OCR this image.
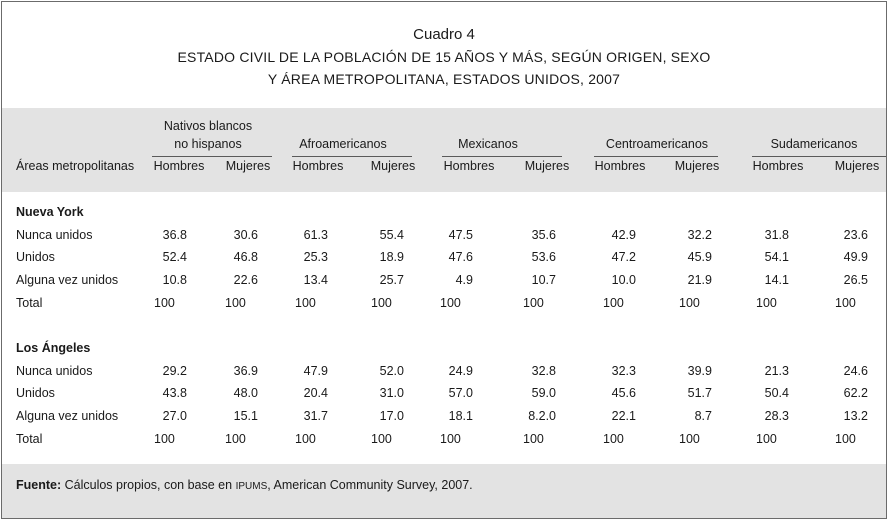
Cuadro 4
ESTADO CIVIL DE LA POBLACIÓN DE 15 AÑOS Y MÁS, SEGÚN ORIGEN, SEXO
Y ÁREA METROPOLITANA, ESTADOS UNIDOS, 2007
Nativos blancos
no hispanos	Afroamericanos	Mexicanos	Centroamericanos	Sudamericanos
Áreas metropolitanas	Hombres	Mujeres	Hombres	Mujeres	Hombres	Mujeres	Hombres	Mujeres	Hombres	Mujeres
Nueva York
Nunca unidos	36.8	30.6	61.3	55.4	47.5	35.6	42.9	32.2	31.8	23.6
Unidos	52.4	46.8	25.3	18.9	47.6	53.6	47.2	45.9	54.1	49.9
Alguna vez unidos	10.8	22.6	13.4	25.7	4.9	10.7	10.0	21.9	14.1	26.5
Total	100	100	100	100	100	100	100	100	100	100
Los Ángeles
Nunca unidos	29.2	36.9	47.9	52.0	24.9	32.8	32.3	39.9	21.3	24.6
Unidos	43.8	48.0	20.4	31.0	57.0	59.0	45.6	51.7	50.4	62.2
Alguna vez unidos	27.0	15.1	31.7	17.0	18.1	8.2.0	22.1	8.7	28.3	13.2
Total	100	100	100	100	100	100	100	100	100	100
Fuente: Cálculos propios, con base en IPUMS, American Community Survey, 2007.
